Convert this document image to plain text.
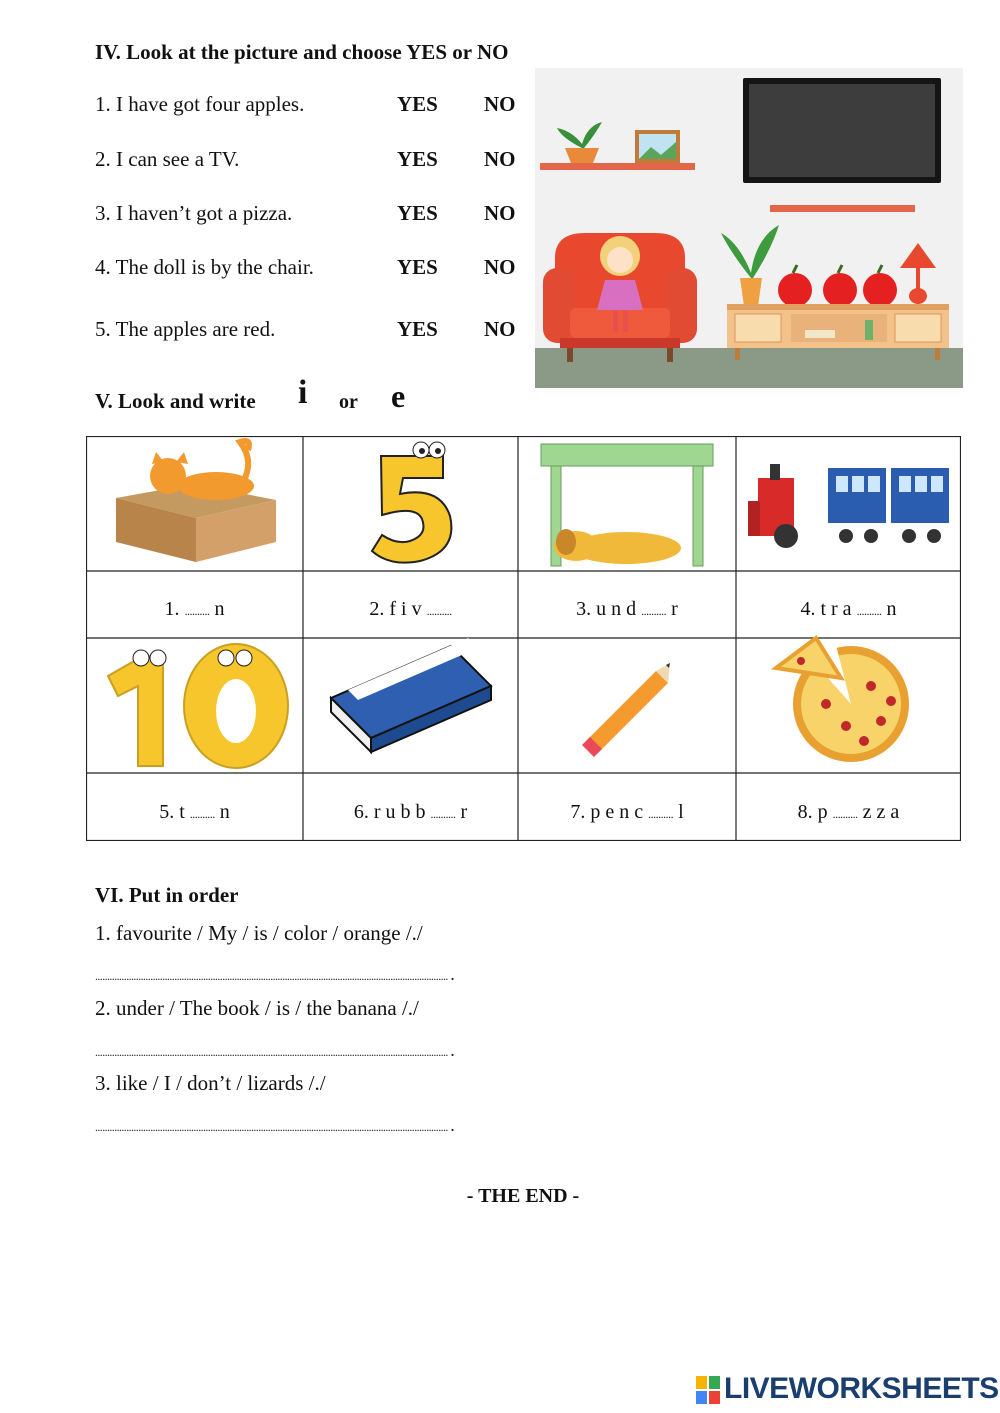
IV. Look at the picture and choose YES or NO
1. I have got four apples.	YES NO
2. I can see a TV.	YES NO
3. I haven’t got a pizza.	YES NO
4. The doll is by the chair.	YES NO
5. The apples are red.	YES NO
V. Look and write i or e
1. .......... n	2. f i v ..........	3. u n d .......... r	4. t r a .......... n
5. t .......... n	6. r u b b .......... r	7. p e n c .......... l	8. p .......... z z a
VI. Put in order
1. favourite / My / is / color / orange /./
................................................................................................................................................... .
2. under / The book / is / the banana /./
................................................................................................................................................... .
3. like / I / don’t / lizards /./
................................................................................................................................................... .
- THE END -
LIVEWORKSHEETS
